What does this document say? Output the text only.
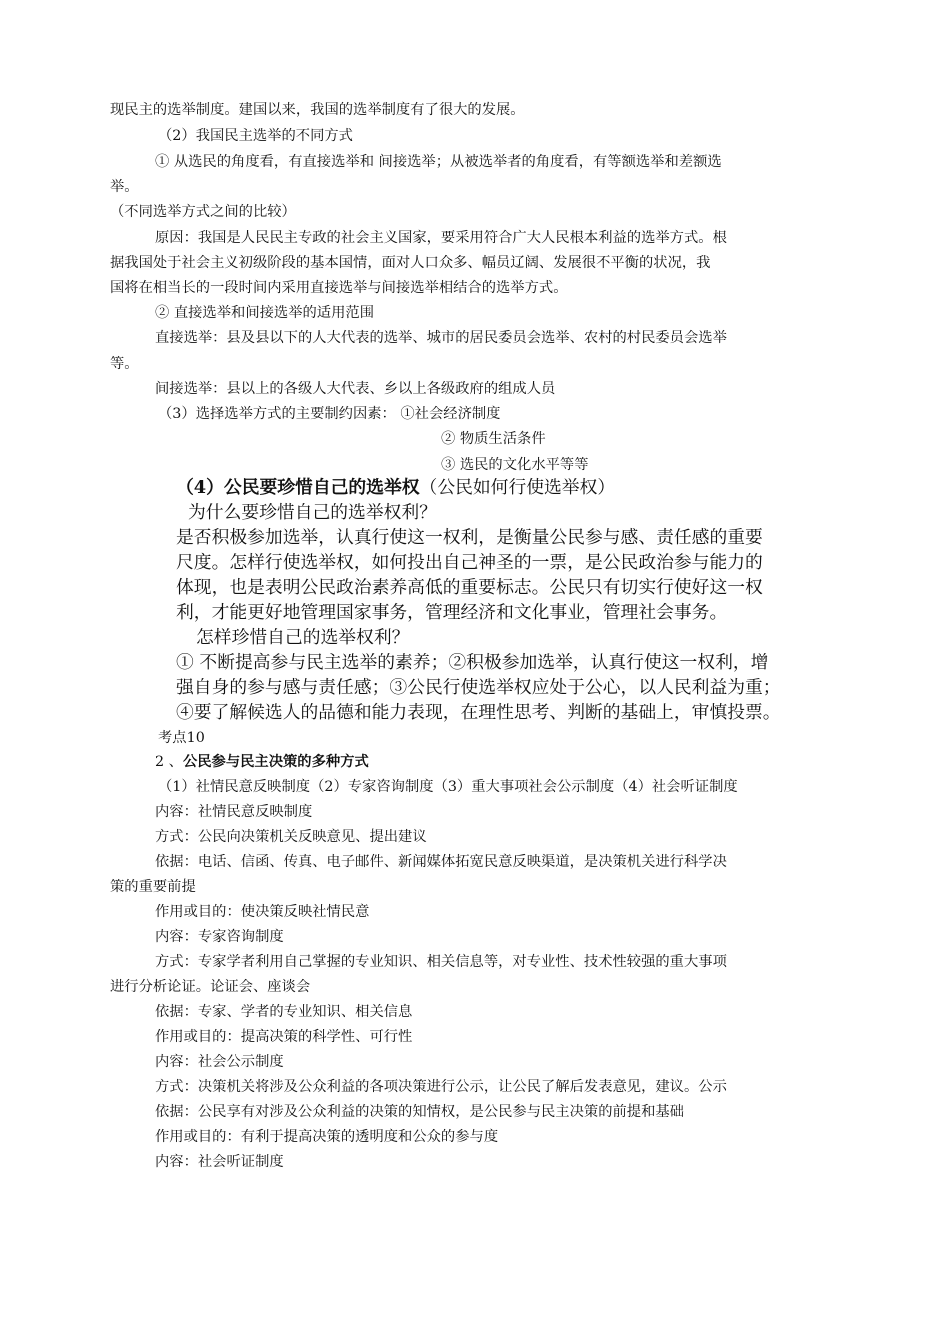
现民主的选举制度。建国以来，我国的选举制度有了很大的发展。
（2）我国民主选举的不同方式
① 从选民的角度看，有直接选举和 间接选举；从被选举者的角度看，有等额选举和差额选
举。
（不同选举方式之间的比较）
原因：我国是人民民主专政的社会主义国家，要采用符合广大人民根本利益的选举方式。根
据我国处于社会主义初级阶段的基本国情，面对人口众多、幅员辽阔、发展很不平衡的状况，我
国将在相当长的一段时间内采用直接选举与间接选举相结合的选举方式。
② 直接选举和间接选举的适用范围
直接选举：县及县以下的人大代表的选举、城市的居民委员会选举、农村的村民委员会选举
等。
间接选举：县以上的各级人大代表、乡以上各级政府的组成人员
（3）选择选举方式的主要制约因素： ①社会经济制度
② 物质生活条件
③ 选民的文化水平等等
（4）公民要珍惜自己的选举权（公民如何行使选举权）
为什么要珍惜自己的选举权利？
是否积极参加选举，认真行使这一权利，是衡量公民参与感、责任感的重要
尺度。怎样行使选举权，如何投出自己神圣的一票，是公民政治参与能力的
体现，也是表明公民政治素养高低的重要标志。公民只有切实行使好这一权
利，才能更好地管理国家事务，管理经济和文化事业，管理社会事务。
怎样珍惜自己的选举权利？
① 不断提高参与民主选举的素养；②积极参加选举，认真行使这一权利，增
强自身的参与感与责任感；③公民行使选举权应处于公心，以人民利益为重；
④要了解候选人的品德和能力表现，在理性思考、判断的基础上，审慎投票。
考点10
2 、公民参与民主决策的多种方式
（1）社情民意反映制度（2）专家咨询制度（3）重大事项社会公示制度（4）社会听证制度
内容：社情民意反映制度
方式：公民向决策机关反映意见、提出建议
依据：电话、信函、传真、电子邮件、新闻媒体拓宽民意反映渠道，是决策机关进行科学决
策的重要前提
作用或目的：使决策反映社情民意
内容：专家咨询制度
方式：专家学者利用自己掌握的专业知识、相关信息等，对专业性、技术性较强的重大事项
进行分析论证。论证会、座谈会
依据：专家、学者的专业知识、相关信息
作用或目的：提高决策的科学性、可行性
内容：社会公示制度
方式：决策机关将涉及公众利益的各项决策进行公示，让公民了解后发表意见，建议。公示
依据：公民享有对涉及公众利益的决策的知情权，是公民参与民主决策的前提和基础
作用或目的：有利于提高决策的透明度和公众的参与度
内容：社会听证制度
